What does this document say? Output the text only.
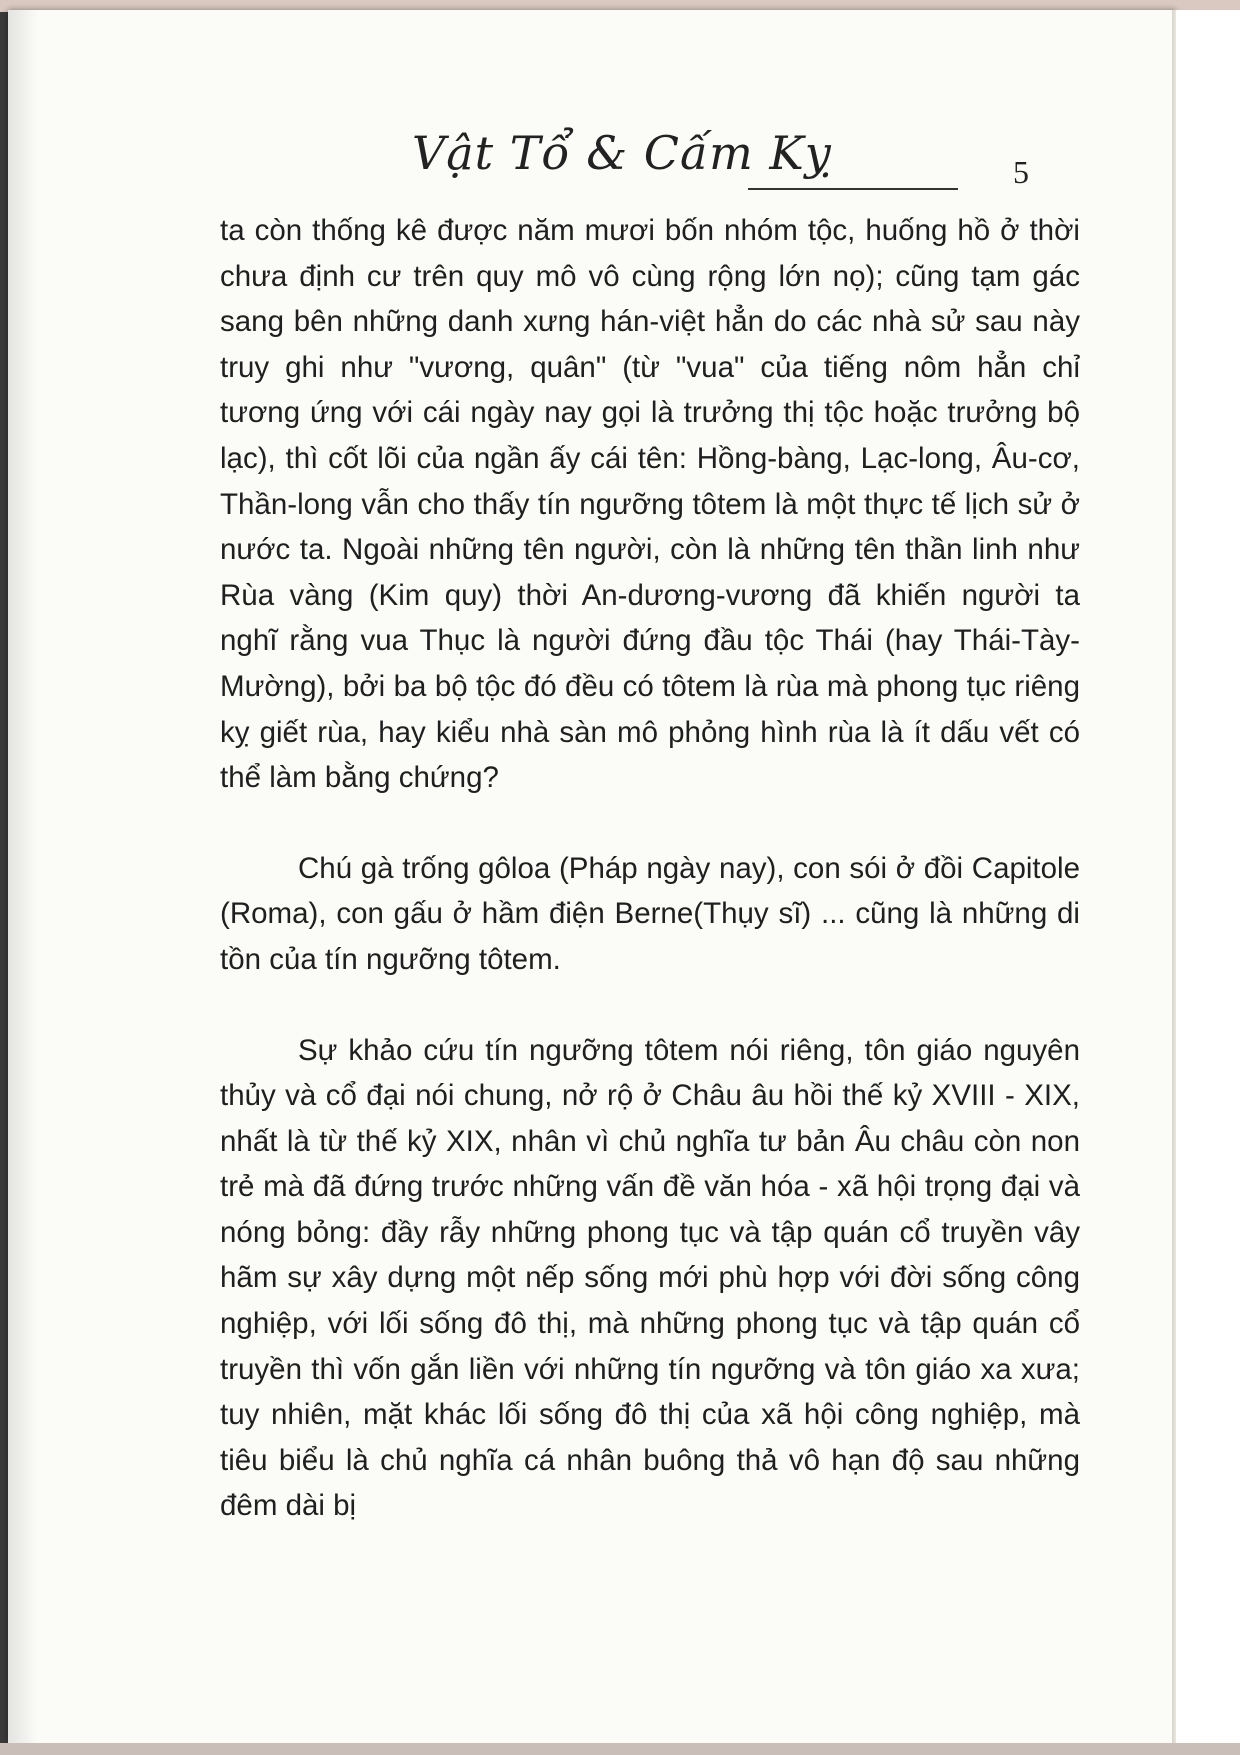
Vật Tổ & Cấm Kỵ	5

ta còn thống kê được năm mươi bốn nhóm tộc, huống hồ ở thời chưa định cư trên quy mô vô cùng rộng lớn nọ); cũng tạm gác sang bên những danh xưng hán-việt hẳn do các nhà sử sau này truy ghi như "vương, quân" (từ "vua" của tiếng nôm hẳn chỉ tương ứng với cái ngày nay gọi là trưởng thị tộc hoặc trưởng bộ lạc), thì cốt lõi của ngần ấy cái tên: Hồng-bàng, Lạc-long, Âu-cơ, Thần-long vẫn cho thấy tín ngưỡng tôtem là một thực tế lịch sử ở nước ta. Ngoài những tên người, còn là những tên thần linh như Rùa vàng (Kim quy) thời An-dương-vương đã khiến người ta nghĩ rằng vua Thục là người đứng đầu tộc Thái (hay Thái-Tày-Mường), bởi ba bộ tộc đó đều có tôtem là rùa mà phong tục riêng kỵ giết rùa, hay kiểu nhà sàn mô phỏng hình rùa là ít dấu vết có thể làm bằng chứng?

Chú gà trống gôloa (Pháp ngày nay), con sói ở đồi Capitole (Roma), con gấu ở hầm điện Berne(Thụy sĩ) ... cũng là những di tồn của tín ngưỡng tôtem.

Sự khảo cứu tín ngưỡng tôtem nói riêng, tôn giáo nguyên thủy và cổ đại nói chung, nở rộ ở Châu âu hồi thế kỷ XVIII - XIX, nhất là từ thế kỷ XIX, nhân vì chủ nghĩa tư bản Âu châu còn non trẻ mà đã đứng trước những vấn đề văn hóa - xã hội trọng đại và nóng bỏng: đầy rẫy những phong tục và tập quán cổ truyền vây hãm sự xây dựng một nếp sống mới phù hợp với đời sống công nghiệp, với lối sống đô thị, mà những phong tục và tập quán cổ truyền thì vốn gắn liền với những tín ngưỡng và tôn giáo xa xưa; tuy nhiên, mặt khác lối sống đô thị của xã hội công nghiệp, mà tiêu biểu là chủ nghĩa cá nhân buông thả vô hạn độ sau những đêm dài bị
